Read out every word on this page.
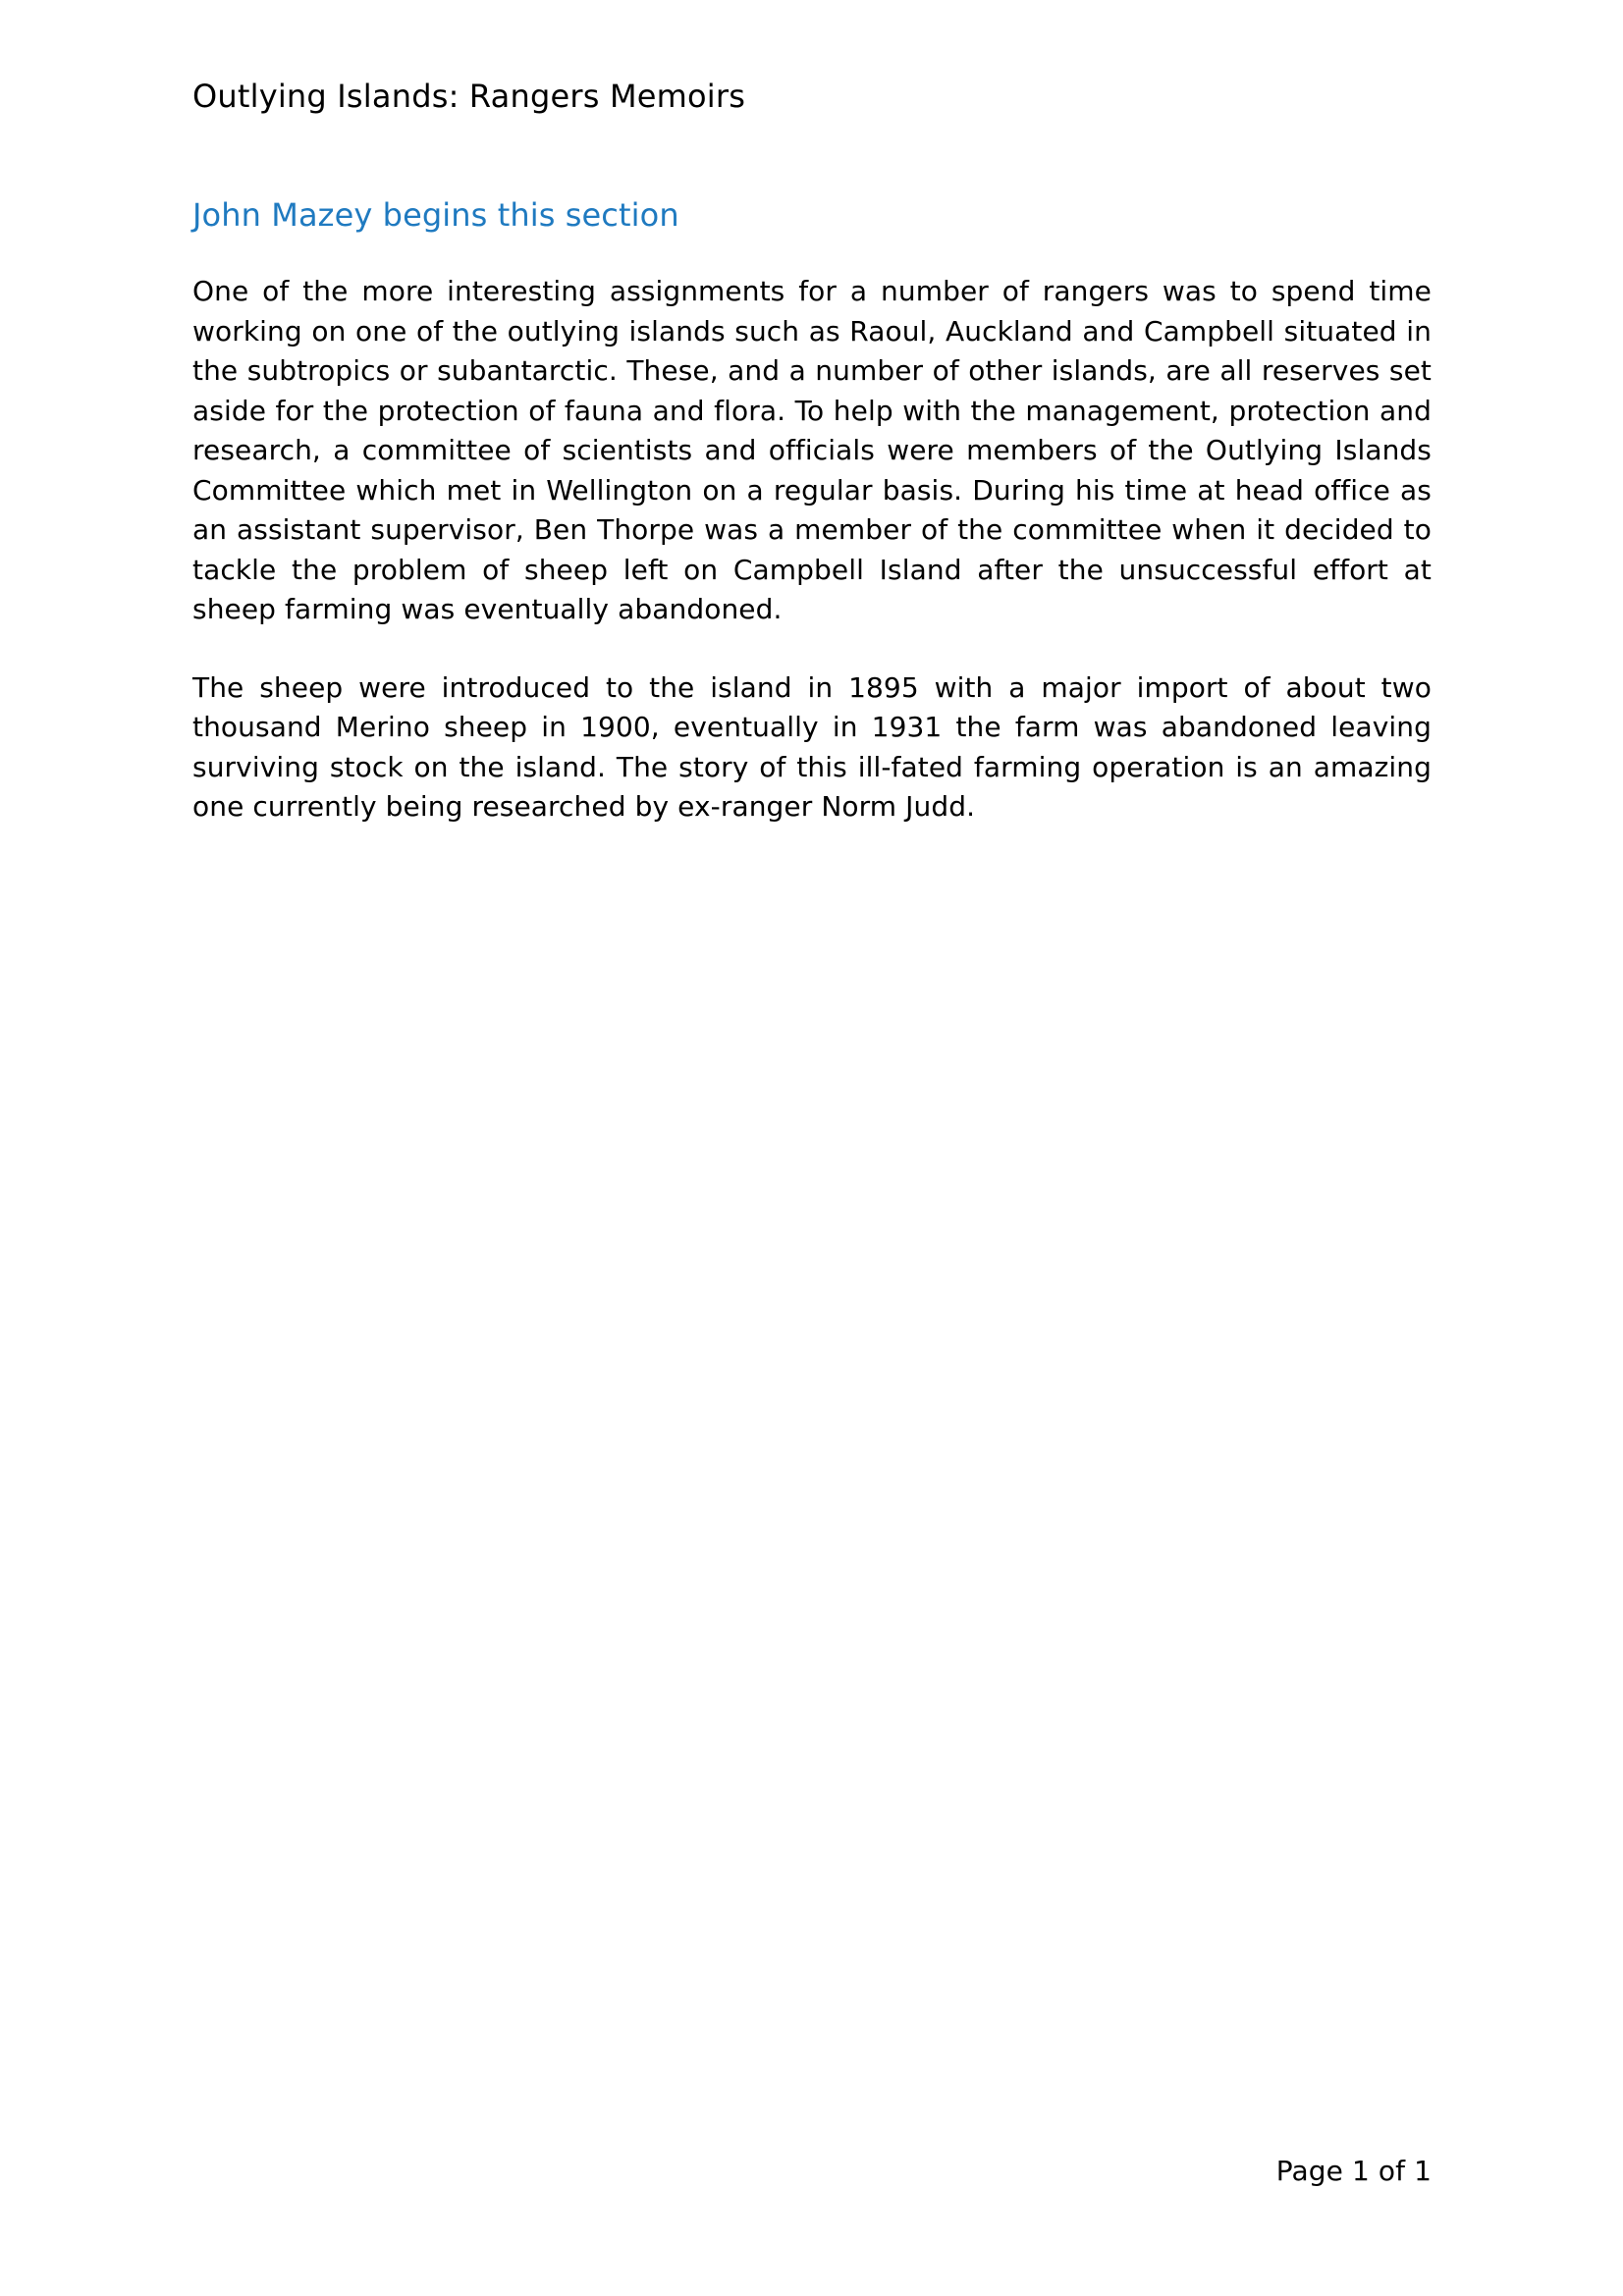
Outlying Islands: Rangers Memoirs
John Mazey begins this section

One of the more interesting assignments for a number of rangers was to spend time working on one of the outlying islands such as Raoul, Auckland and Campbell situated in the subtropics or subantarctic. These, and a number of other islands, are all reserves set aside for the protection of fauna and flora. To help with the management, protection and research, a committee of scientists and officials were members of the Outlying Islands Committee which met in Wellington on a regular basis. During his time at head office as an assistant supervisor, Ben Thorpe was a member of the committee when it decided to tackle the problem of sheep left on Campbell Island after the unsuccessful effort at sheep farming was eventually abandoned.

The sheep were introduced to the island in 1895 with a major import of about two thousand Merino sheep in 1900, eventually in 1931 the farm was abandoned leaving surviving stock on the island. The story of this ill-fated farming operation is an amazing one currently being researched by ex-ranger Norm Judd.

Page 1 of 1
